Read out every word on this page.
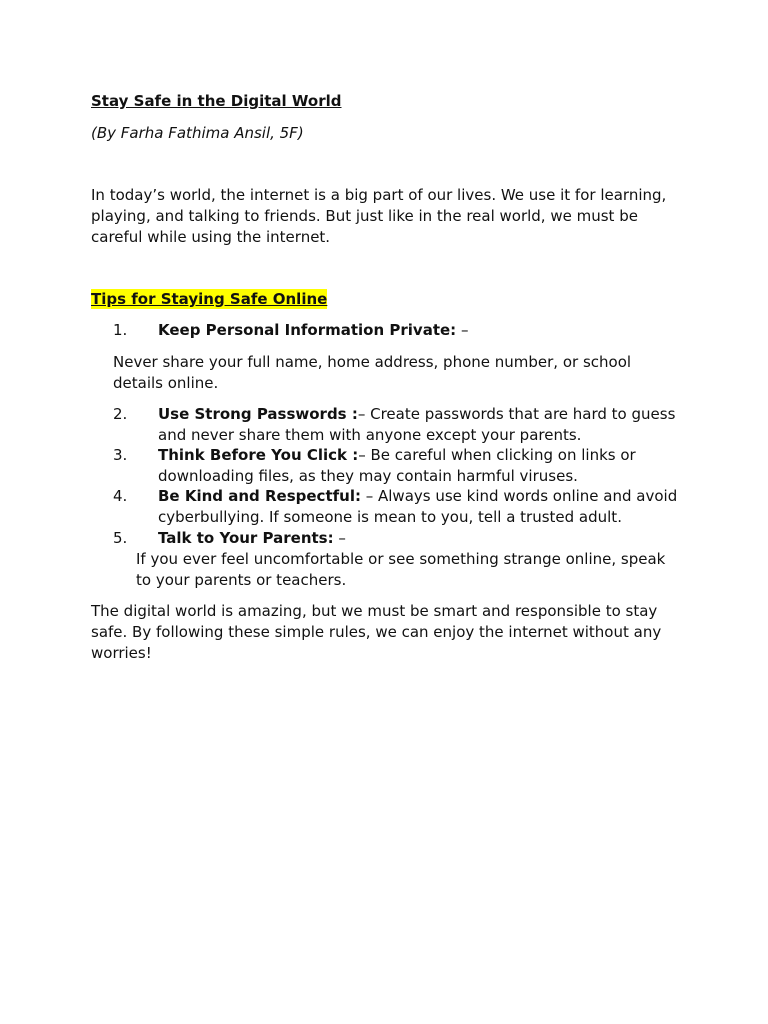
Stay Safe in the Digital World
(By Farha Fathima Ansil, 5F)

In today’s world, the internet is a big part of our lives. We use it for learning, playing, and talking to friends. But just like in the real world, we must be careful while using the internet.

Tips for Staying Safe Online
1.	Keep Personal Information Private: –
Never share your full name, home address, phone number, or school details online.
2.	Use Strong Passwords :– Create passwords that are hard to guess and never share them with anyone except your parents.
3.	Think Before You Click :– Be careful when clicking on links or downloading files, as they may contain harmful viruses.
4.	Be Kind and Respectful: – Always use kind words online and avoid cyberbullying. If someone is mean to you, tell a trusted adult.
5.	Talk to Your Parents: –
If you ever feel uncomfortable or see something strange online, speak to your parents or teachers.

The digital world is amazing, but we must be smart and responsible to stay safe. By following these simple rules, we can enjoy the internet without any worries!
